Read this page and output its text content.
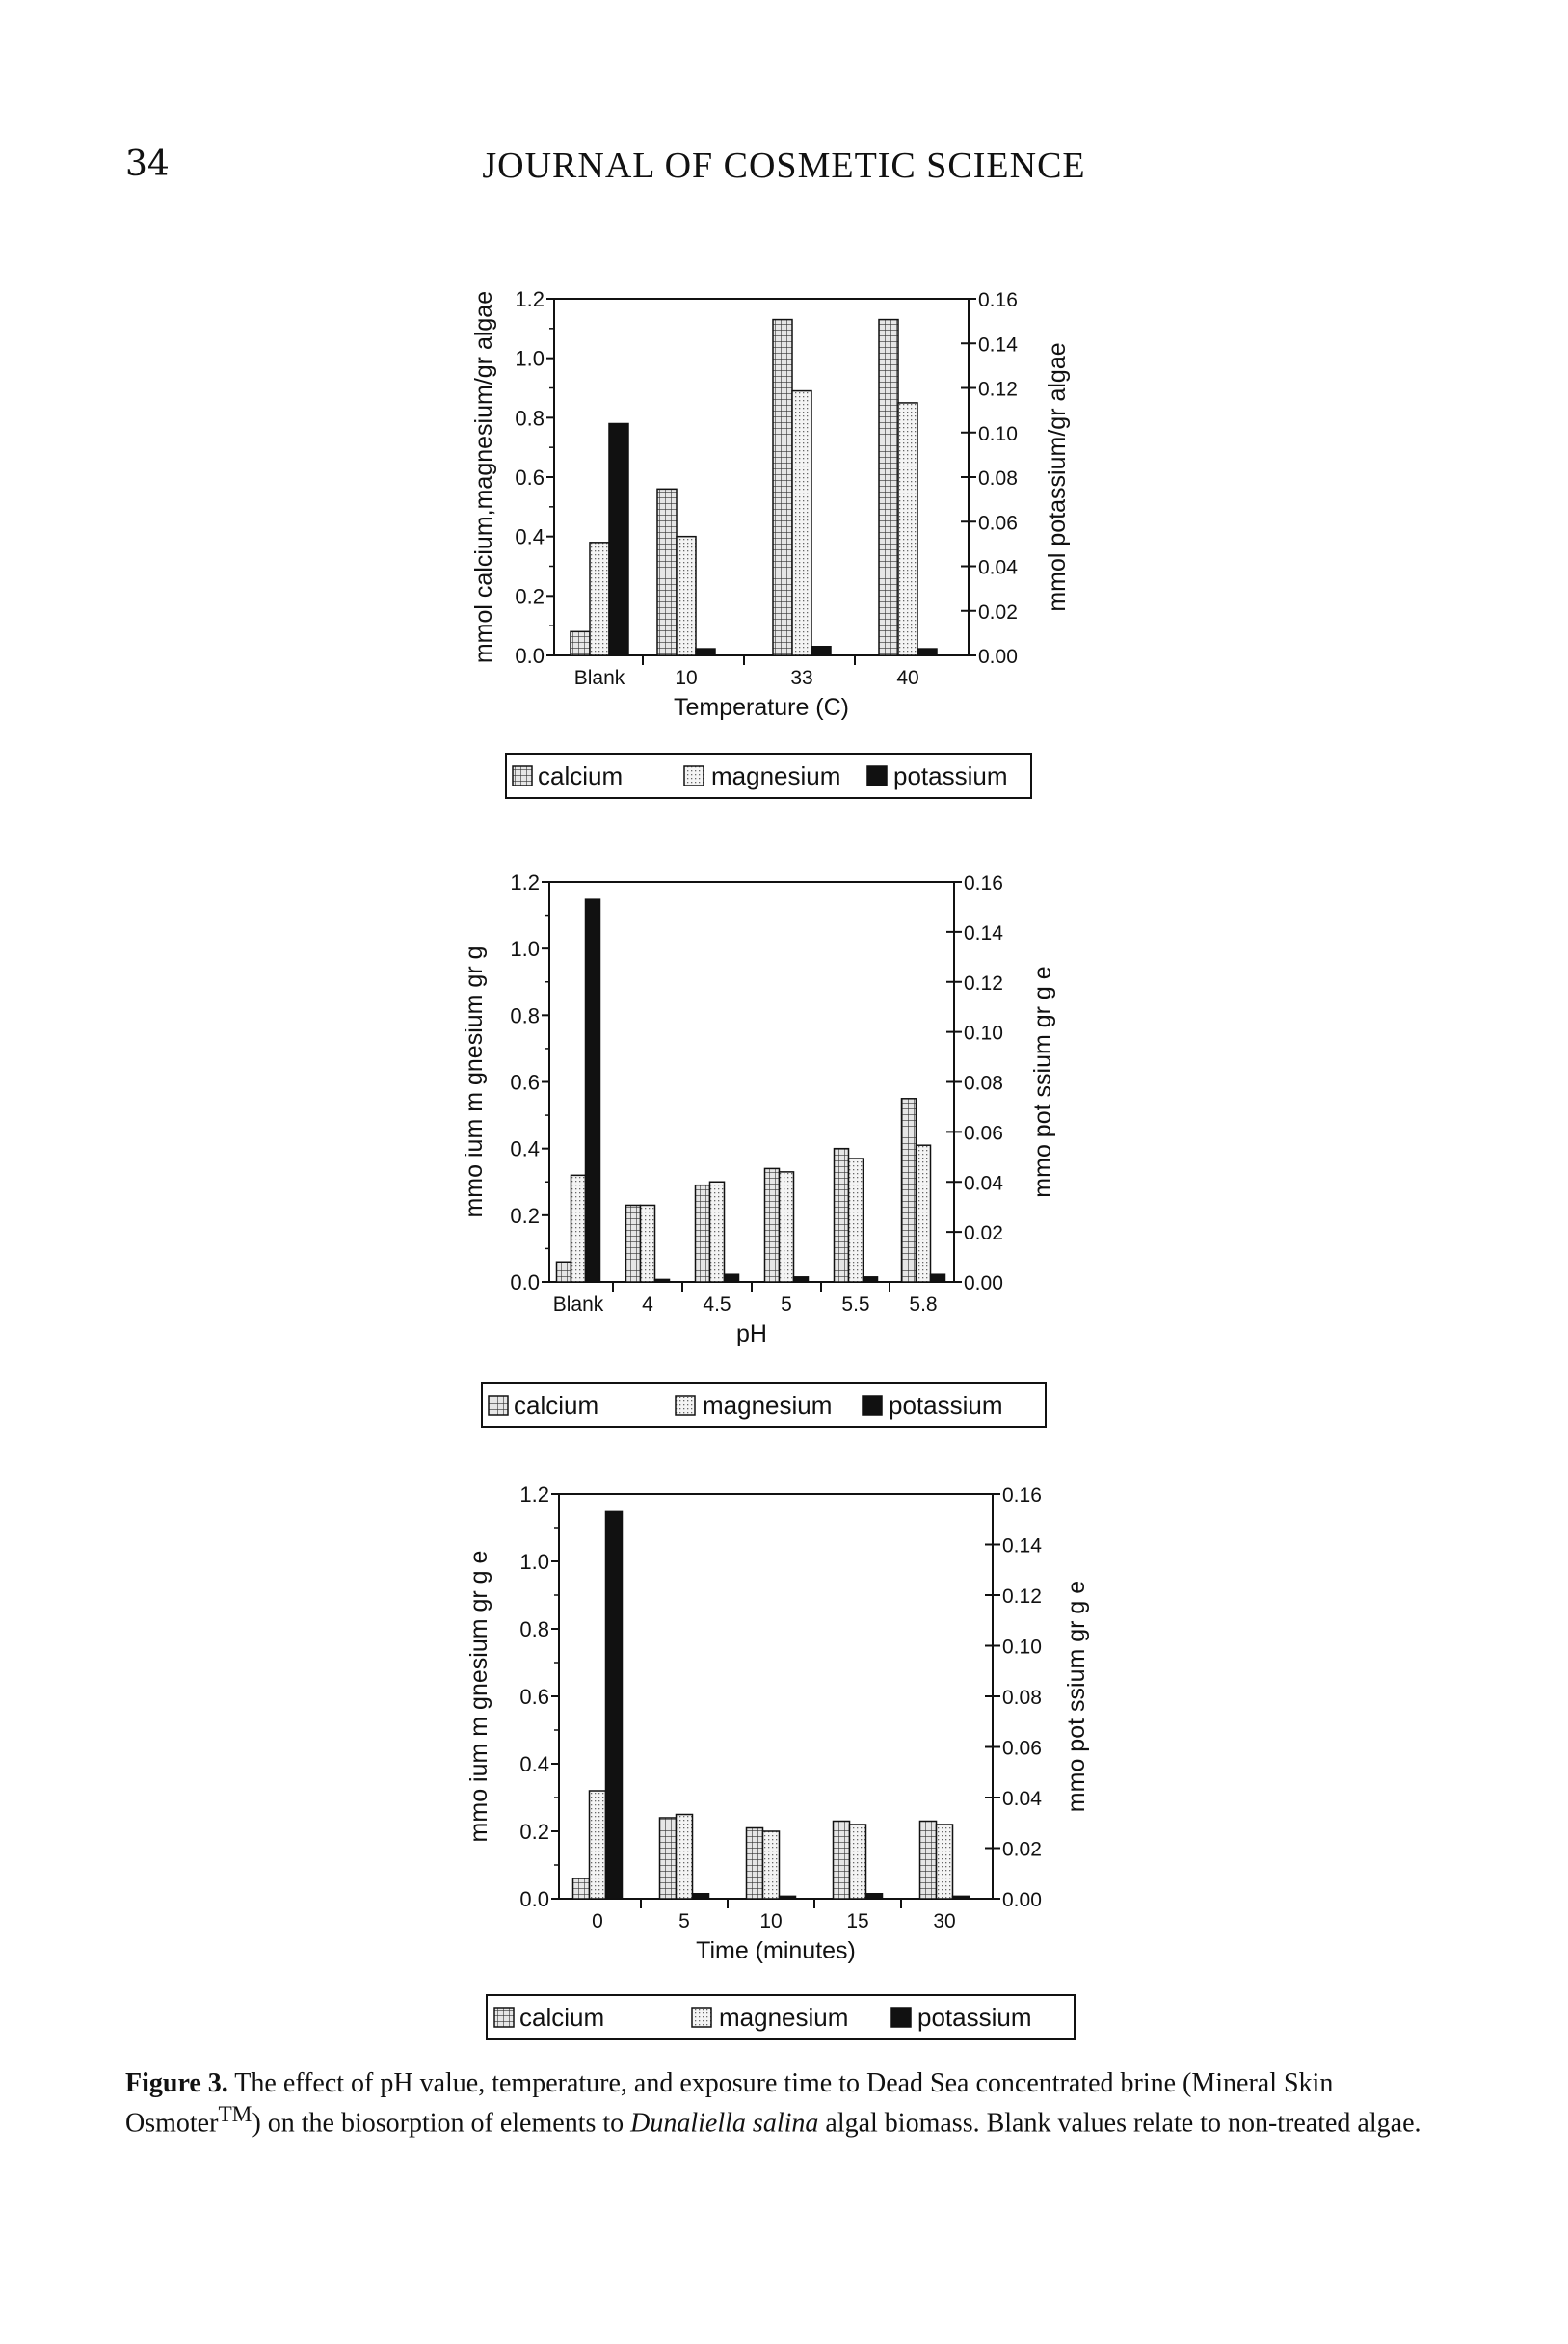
34	JOURNAL OF COSMETIC SCIENCE
0.0
0.2
0.4
0.6
0.8
1.0
1.2
0.00
0.02
0.04
0.06
0.08
0.10
0.12
0.14
0.16
Blank 10	33	40
Temperature (C)
mmol calcium,magnesium/gr algae	mmol potassium/gr algae
calcium	magnesium potassium
0.0
0.2
0.4
0.6
0.8
1.0
1.2
0.00
0.02
0.04
0.06
0.08
0.10
0.12
0.14
0.16
Blank 4 4.5 5 5.5 5.8
pH
mmo ium m gnesium gr g	mmo pot ssium gr g e
calcium	magnesium potassium
0.0
0.2
0.4
0.6
0.8
1.0
1.2
0.00
0.02
0.04
0.06
0.08
0.10
0.12
0.14
0.16
0	5	10	15	30
Time (minutes)
mmo ium m gnesium gr g e	mmo pot ssium gr g e
calcium	magnesium	potassium
Figure 3. The effect of pH value, temperature, and exposure time to Dead Sea concentrated brine (Mineral Skin Osmoter™) on the biosorption of elements to Dunaliella salina algal biomass. Blank values relate to non-treated algae.
